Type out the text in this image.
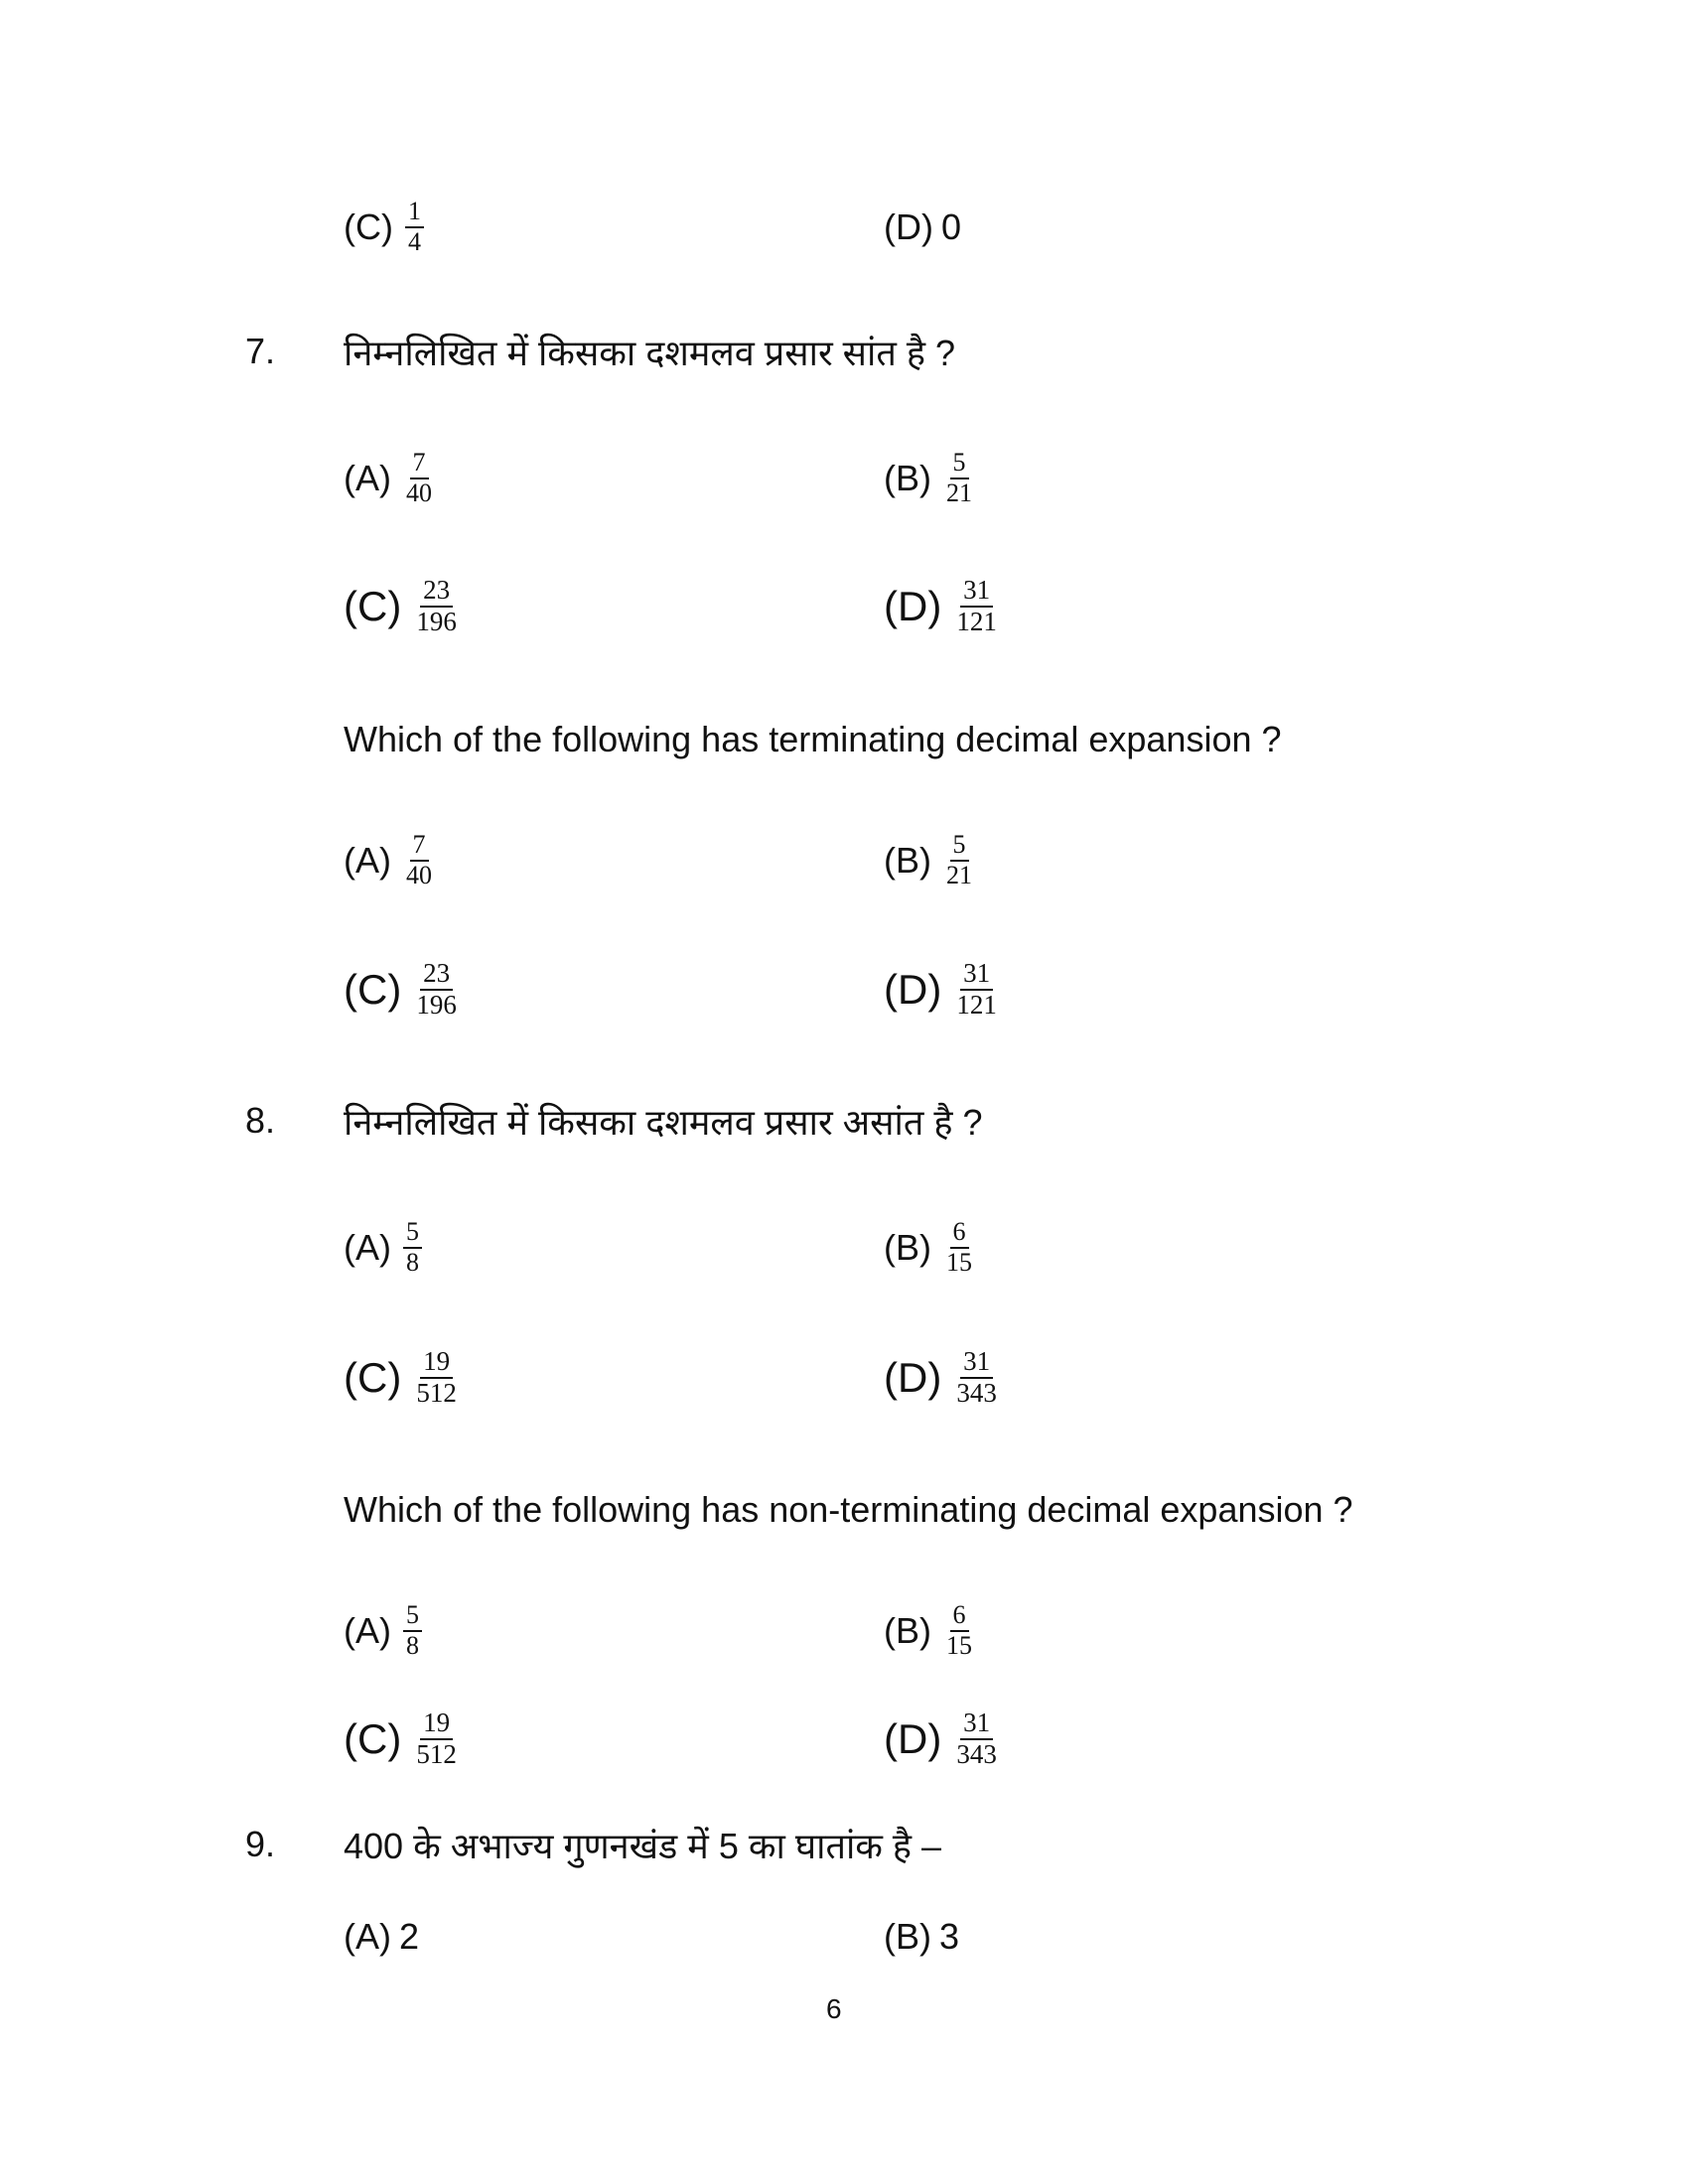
$(C) \frac{1}{4}$	(D) 0
7. निम्नलिखित में किसका दशमलव प्रसार सांत है ?
$(A) \frac{7}{40}$	$(B) \frac{5}{21}$
$(C) \frac{23}{196}$	$(D) \frac{31}{121}$
Which of the following has terminating decimal expansion ?
$(A) \frac{7}{40}$	$(B) \frac{5}{21}$
$(C) \frac{23}{196}$	$(D) \frac{31}{121}$
8. निम्नलिखित में किसका दशमलव प्रसार असांत है ?
$(A) \frac{5}{8}$	$(B) \frac{6}{15}$
$(C) \frac{19}{512}$	$(D) \frac{31}{343}$
Which of the following has non-terminating decimal expansion ?
$(A) \frac{5}{8}$	$(B) \frac{6}{15}$
$(C) \frac{19}{512}$	$(D) \frac{31}{343}$
9. 400 के अभाज्य गुणनखंड में 5 का घातांक है –
(A) 2	(B) 3
6
